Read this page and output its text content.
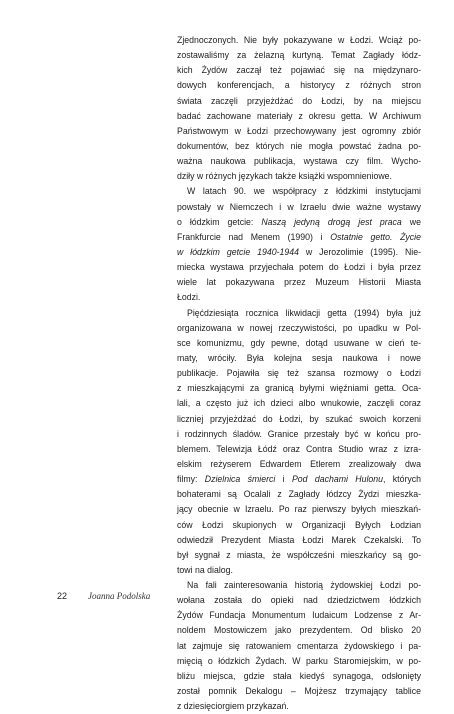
Zjednoczonych. Nie były pokazywane w Łodzi. Wciąż po-
zostawaliśmy za żelazną kurtyną. Temat Zagłady łódz-
kich Żydów zaczął też pojawiać się na międzynaro-
dowych konferencjach, a historycy z różnych stron
świata zaczęli przyjeżdżać do Łodzi, by na miejscu
badać zachowane materiały z okresu getta. W Archiwum
Państwowym w Łodzi przechowywany jest ogromny zbiór
dokumentów, bez których nie mogła powstać żadna po-
ważna naukowa publikacja, wystawa czy film. Wycho-
dziły w różnych językach także książki wspomnieniowe.
W latach 90. we współpracy z łódzkimi instytucjami
powstały w Niemczech i w Izraelu dwie ważne wystawy
o łódzkim getcie: Naszą jedyną drogą jest praca we
Frankfurcie nad Menem (1990) i Ostatnie getto. Życie
w łódzkim getcie 1940-1944 w Jerozolimie (1995). Nie-
miecka wystawa przyjechała potem do Łodzi i była przez
wiele lat pokazywana przez Muzeum Historii Miasta
Łodzi.
Pięćdziesiąta rocznica likwidacji getta (1994) była już
organizowana w nowej rzeczywistości, po upadku w Pol-
sce komunizmu, gdy pewne, dotąd usuwane w cień te-
maty, wróciły. Była kolejna sesja naukowa i nowe
publikacje. Pojawiła się też szansa rozmowy o Łodzi
z mieszkającymi za granicą byłymi więźniami getta. Oca-
lali, a często już ich dzieci albo wnukowie, zaczęli coraz
liczniej przyjeżdżać do Łodzi, by szukać swoich korzeni
i rodzinnych śladów. Granice przestały być w końcu pro-
blemem. Telewizja Łódź oraz Contra Studio wraz z izra-
elskim reżyserem Edwardem Etlerem zrealizowały dwa
filmy: Dzielnica śmierci i Pod dachami Hulonu, których
bohaterami są Ocalali z Zagłady łódzcy Żydzi mieszka-
jący obecnie w Izraelu. Po raz pierwszy byłych mieszkań-
ców Łodzi skupionych w Organizacji Byłych Łodzian
odwiedził Prezydent Miasta Łodzi Marek Czekalski. To
był sygnał z miasta, że współcześni mieszkańcy są go-
towi na dialog.
Na fali zainteresowania historią żydowskiej Łodzi po-
wołana została do opieki nad dziedzictwem łódzkich
Żydów Fundacja Monumentum Iudaicum Lodzense z Ar-
noldem Mostowiczem jako prezydentem. Od blisko 20
lat zajmuje się ratowaniem cmentarza żydowskiego i pa-
mięcią o łódzkich Żydach. W parku Staromiejskim, w po-
bliżu miejsca, gdzie stała kiedyś synagoga, odsłonięty
został pomnik Dekalogu – Mojżesz trzymający tablice
z dziesięciorgiem przykazań.
22 Joanna Podolska
